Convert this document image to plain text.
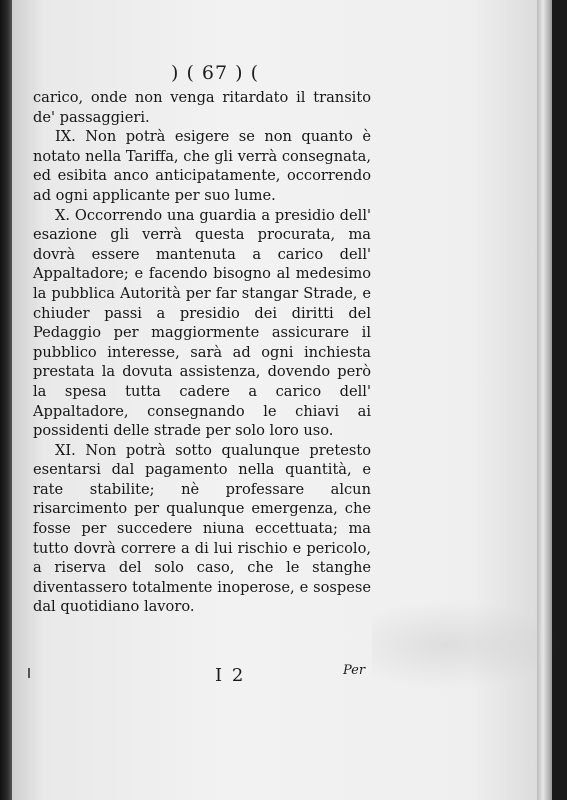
) ( 67 ) (

carico, onde non venga ritardato il transito de' passaggieri.

IX. Non potrà esigere se non quanto è notato nella Tariffa, che gli verrà consegnata, ed esibita anco anticipatamente, occorrendo ad ogni applicante per suo lume.

X. Occorrendo una guardia a presidio dell' esazione gli verrà questa procurata, ma dovrà essere mantenuta a carico dell' Appaltadore; e facendo bisogno al medesimo la pubblica Autorità per far stangar Strade, e chiuder passi a presidio dei diritti del Pedaggio per maggiormente assicurare il pubblico interesse, sarà ad ogni inchiesta prestata la dovuta assistenza, dovendo però la spesa tutta cadere a carico dell' Appaltadore, consegnando le chiavi ai possidenti delle strade per solo loro uso.

XI. Non potrà sotto qualunque pretesto esentarsi dal pagamento nella quantità, e rate stabilite; nè professare alcun risarcimento per qualunque emergenza, che fosse per succedere niuna eccettuata; ma tutto dovrà correre a di lui rischio e pericolo, a riserva del solo caso, che le stanghe diventassero totalmente inoperose, e sospese dal quotidiano lavoro.

I 2	Per
